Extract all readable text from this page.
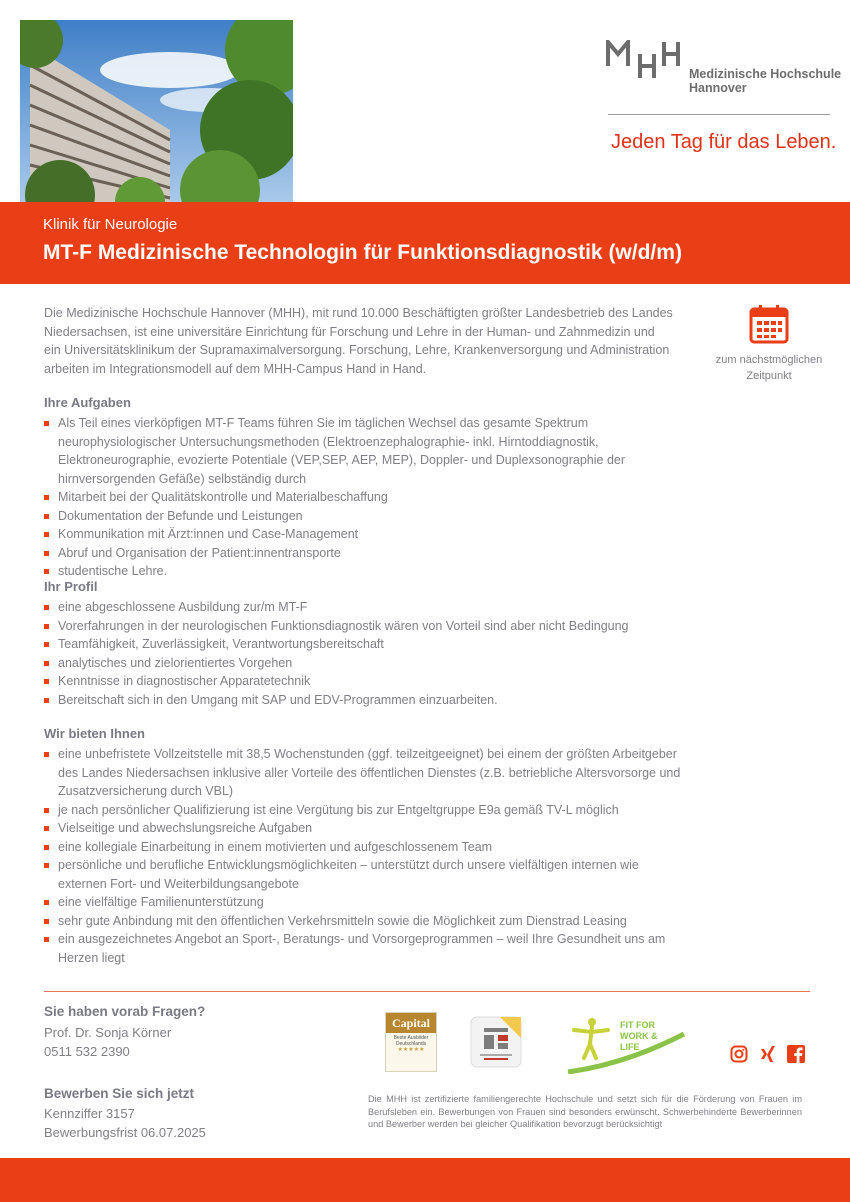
Medizinische Hochschule
Hannover
Jeden Tag für das Leben.
Klinik für Neurologie
MT-F Medizinische Technologin für Funktionsdiagnostik (w/d/m)
Die Medizinische Hochschule Hannover (MHH), mit rund 10.000 Beschäftigten größter Landesbetrieb des Landes Niedersachsen, ist eine universitäre Einrichtung für Forschung und Lehre in der Human- und Zahnmedizin und ein Universitätsklinikum der Supramaximalversorgung. Forschung, Lehre, Krankenversorgung und Administration arbeiten im Integrationsmodell auf dem MHH-Campus Hand in Hand.
zum nächstmöglichen
Zeitpunkt
Ihre Aufgaben
Als Teil eines vierköpfigen MT-F Teams führen Sie im täglichen Wechsel das gesamte Spektrum neurophysiologischer Untersuchungsmethoden (Elektroenzephalographie- inkl. Hirntoddiagnostik, Elektroneurographie, evozierte Potentiale (VEP,SEP, AEP, MEP), Doppler- und Duplexsonographie der hirnversorgenden Gefäße) selbständig durch
Mitarbeit bei der Qualitätskontrolle und Materialbeschaffung
Dokumentation der Befunde und Leistungen
Kommunikation mit Ärzt:innen und Case-Management
Abruf und Organisation der Patient:innentransporte
studentische Lehre.
Ihr Profil
eine abgeschlossene Ausbildung zur/m MT-F
Vorerfahrungen in der neurologischen Funktionsdiagnostik wären von Vorteil sind aber nicht Bedingung
Teamfähigkeit, Zuverlässigkeit, Verantwortungsbereitschaft
analytisches und zielorientiertes Vorgehen
Kenntnisse in diagnostischer Apparatetechnik
Bereitschaft sich in den Umgang mit SAP und EDV-Programmen einzuarbeiten.
Wir bieten Ihnen
eine unbefristete Vollzeitstelle mit 38,5 Wochenstunden (ggf. teilzeitgeeignet) bei einem der größten Arbeitgeber des Landes Niedersachsen inklusive aller Vorteile des öffentlichen Dienstes (z.B. betriebliche Altersvorsorge und Zusatzversicherung durch VBL)
je nach persönlicher Qualifizierung ist eine Vergütung bis zur Entgeltgruppe E9a gemäß TV-L möglich
Vielseitige und abwechslungsreiche Aufgaben
eine kollegiale Einarbeitung in einem motivierten und aufgeschlossenem Team
persönliche und berufliche Entwicklungsmöglichkeiten – unterstützt durch unsere vielfältigen internen wie externen Fort- und Weiterbildungsangebote
eine vielfältige Familienunterstützung
sehr gute Anbindung mit den öffentlichen Verkehrsmitteln sowie die Möglichkeit zum Dienstrad Leasing
ein ausgezeichnetes Angebot an Sport-, Beratungs- und Vorsorgeprogrammen – weil Ihre Gesundheit uns am Herzen liegt
Sie haben vorab Fragen?
Prof. Dr. Sonja Körner
0511 532 2390
Bewerben Sie sich jetzt
Kennziffer 3157
Bewerbungsfrist 06.07.2025
Capital
Beste Ausbilder Deutschlands
★★★★★
FIT FOR
WORK &
LIFE
Die MHH ist zertifizierte familiengerechte Hochschule und setzt sich für die Förderung von Frauen im Berufsleben ein. Bewerbungen von Frauen sind besonders erwünscht. Schwerbehinderte Bewerberinnen und Bewerber werden bei gleicher Qualifikation bevorzugt berücksichtigt
